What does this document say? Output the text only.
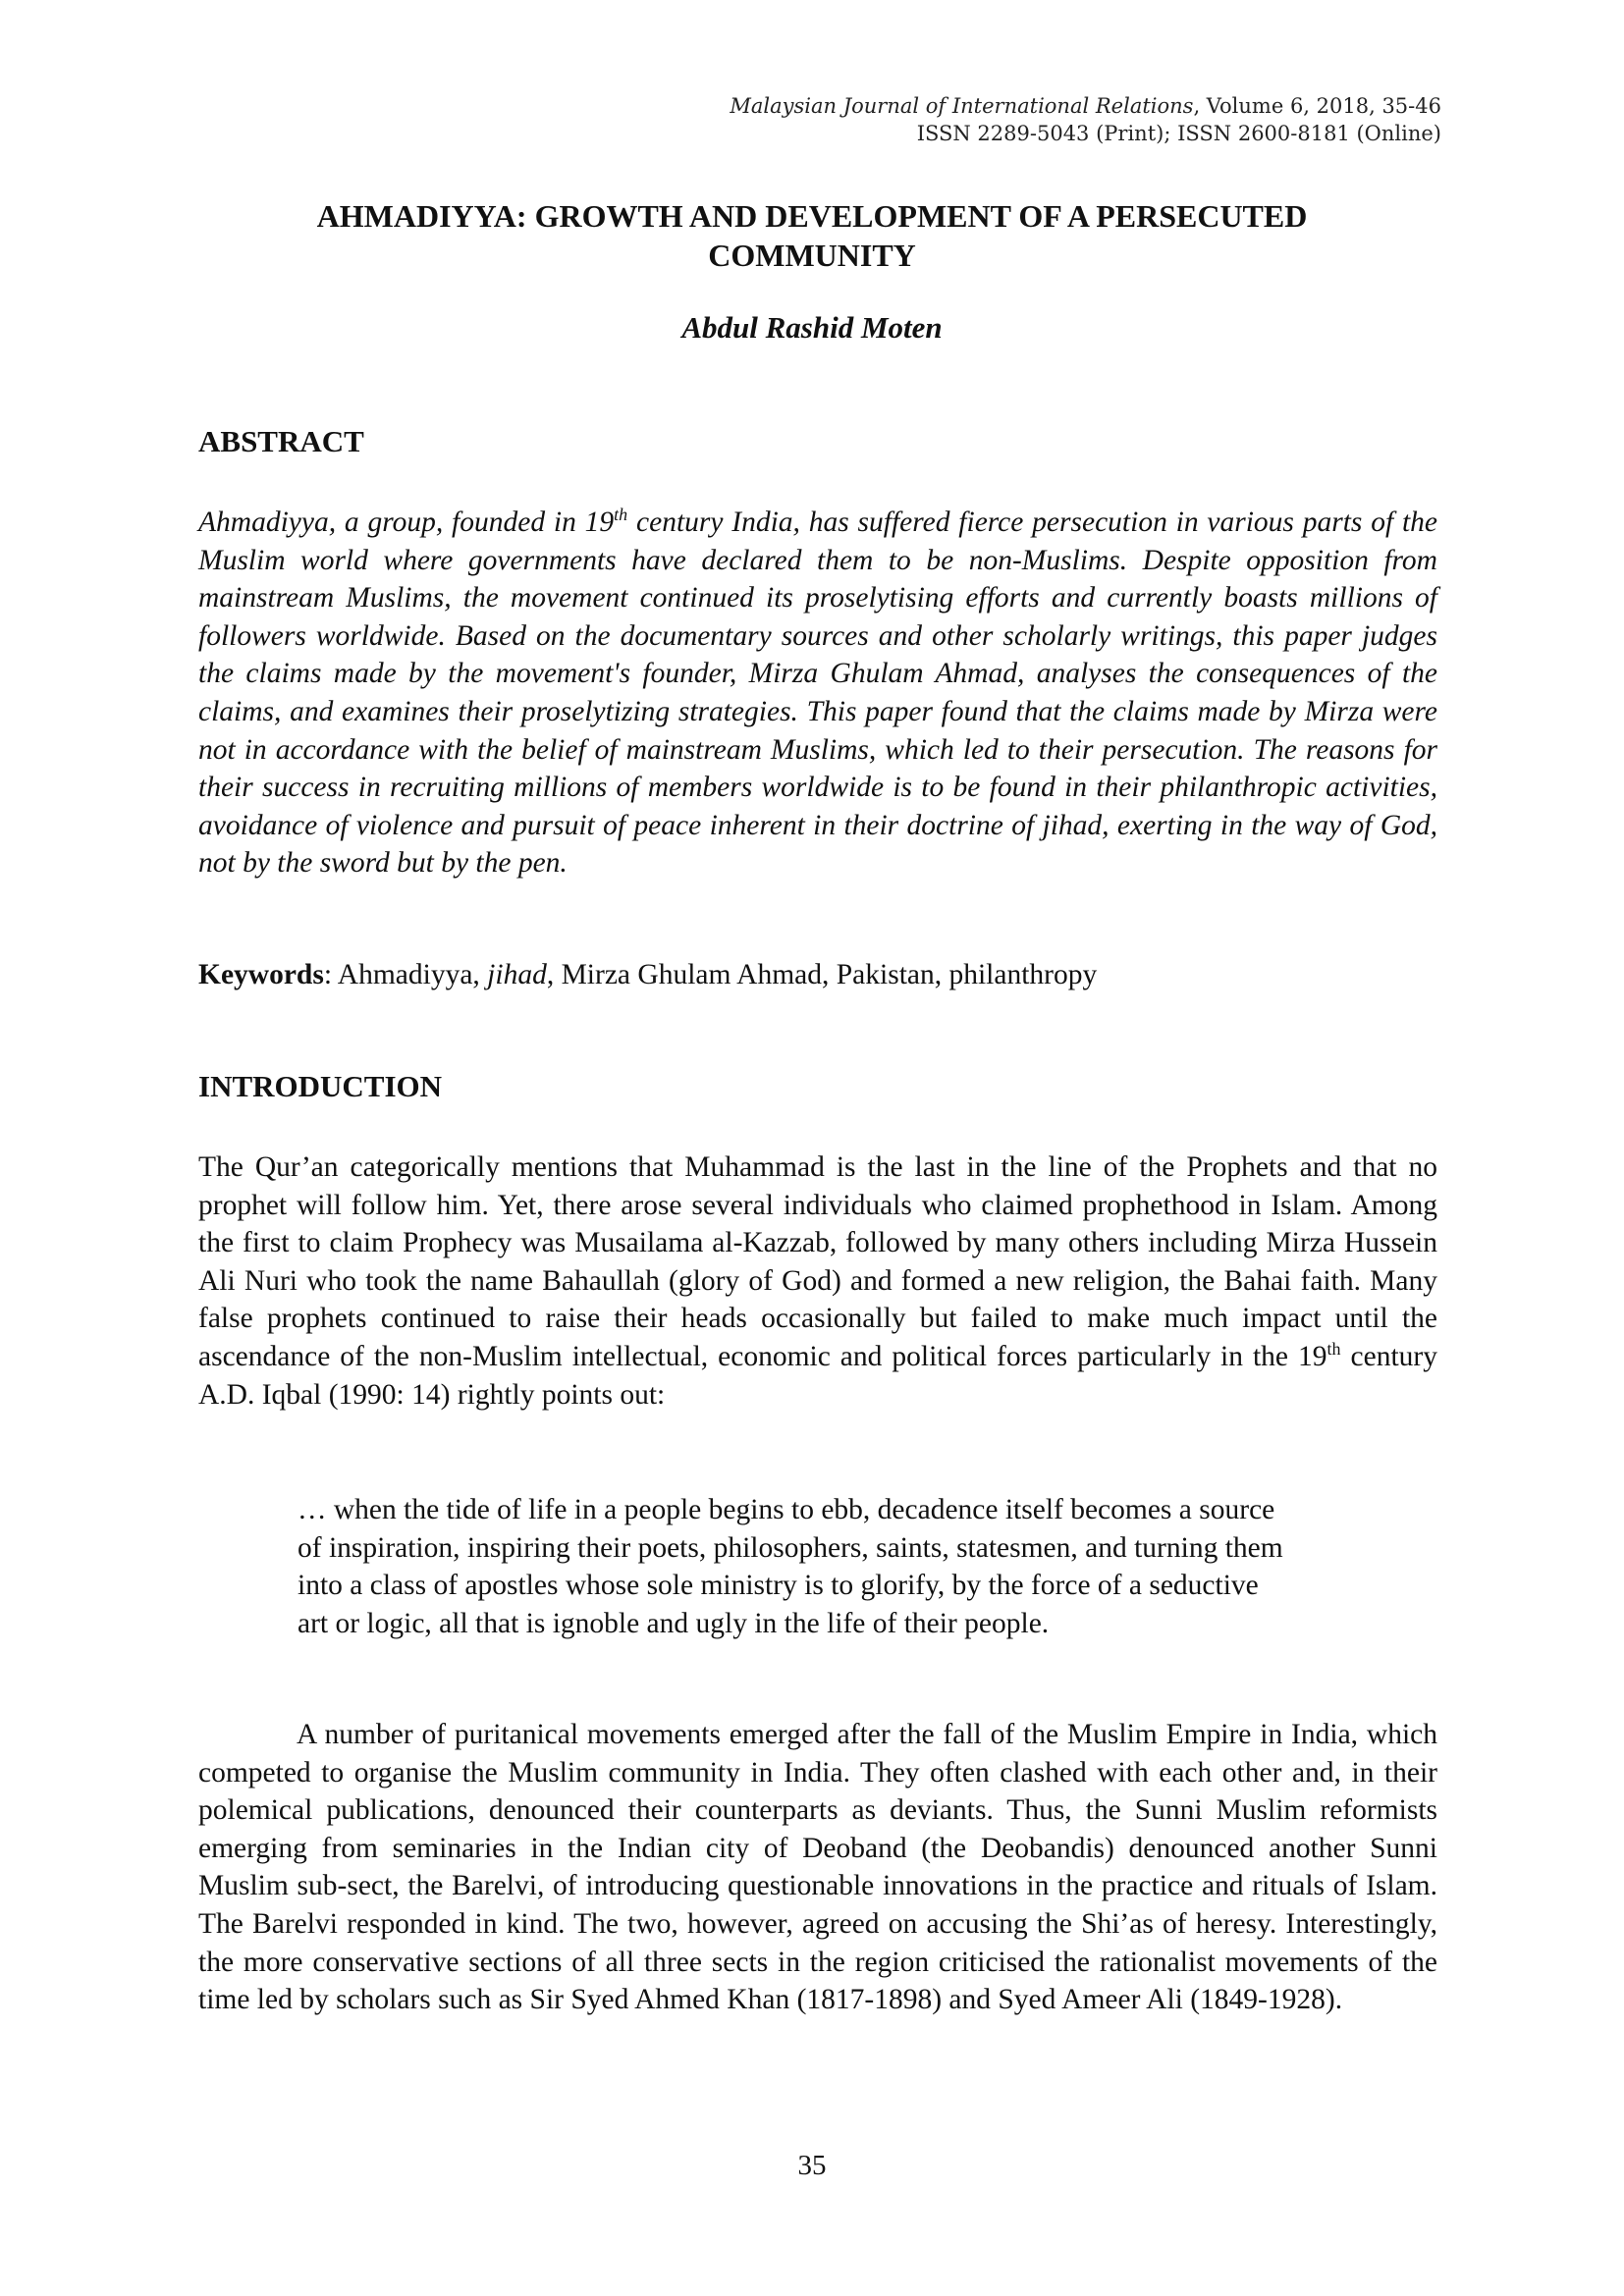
Malaysian Journal of International Relations, Volume 6, 2018, 35-46
ISSN 2289-5043 (Print); ISSN 2600-8181 (Online)
AHMADIYYA: GROWTH AND DEVELOPMENT OF A PERSECUTED
COMMUNITY
Abdul Rashid Moten
ABSTRACT

Ahmadiyya, a group, founded in 19th century India, has suffered fierce persecution in various parts of the Muslim world where governments have declared them to be non-Muslims. Despite opposition from mainstream Muslims, the movement continued its proselytising efforts and currently boasts millions of followers worldwide. Based on the documentary sources and other scholarly writings, this paper judges the claims made by the movement's founder, Mirza Ghulam Ahmad, analyses the consequences of the claims, and examines their proselytizing strategies. This paper found that the claims made by Mirza were not in accordance with the belief of mainstream Muslims, which led to their persecution. The reasons for their success in recruiting millions of members worldwide is to be found in their philanthropic activities, avoidance of violence and pursuit of peace inherent in their doctrine of jihad, exerting in the way of God, not by the sword but by the pen.

Keywords: Ahmadiyya, jihad, Mirza Ghulam Ahmad, Pakistan, philanthropy

INTRODUCTION

The Qur’an categorically mentions that Muhammad is the last in the line of the Prophets and that no prophet will follow him. Yet, there arose several individuals who claimed prophethood in Islam. Among the first to claim Prophecy was Musailama al-Kazzab, followed by many others including Mirza Hussein Ali Nuri who took the name Bahaullah (glory of God) and formed a new religion, the Bahai faith. Many false prophets continued to raise their heads occasionally but failed to make much impact until the ascendance of the non-Muslim intellectual, economic and political forces particularly in the 19th century A.D. Iqbal (1990: 14) rightly points out:

… when the tide of life in a people begins to ebb, decadence itself becomes a source of inspiration, inspiring their poets, philosophers, saints, statesmen, and turning them into a class of apostles whose sole ministry is to glorify, by the force of a seductive art or logic, all that is ignoble and ugly in the life of their people.

A number of puritanical movements emerged after the fall of the Muslim Empire in India, which competed to organise the Muslim community in India. They often clashed with each other and, in their polemical publications, denounced their counterparts as deviants. Thus, the Sunni Muslim reformists emerging from seminaries in the Indian city of Deoband (the Deobandis) denounced another Sunni Muslim sub-sect, the Barelvi, of introducing questionable innovations in the practice and rituals of Islam. The Barelvi responded in kind. The two, however, agreed on accusing the Shi’as of heresy. Interestingly, the more conservative sections of all three sects in the region criticised the rationalist movements of the time led by scholars such as Sir Syed Ahmed Khan (1817-1898) and Syed Ameer Ali (1849-1928).

35
